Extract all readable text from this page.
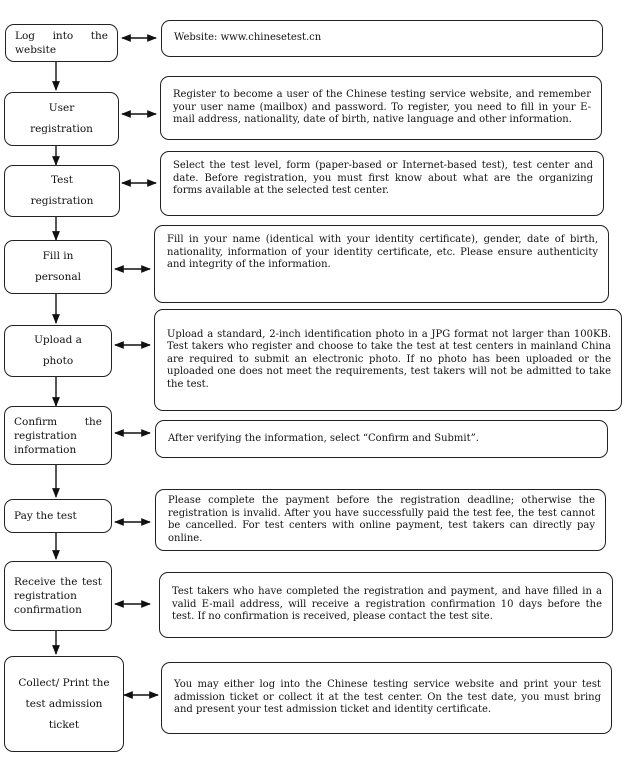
Log into the website
User registration
Test registration
Fill in personal
Upload a photo
Confirm the registration information
Pay the test
Receive the test registration confirmation
Collect/ Print the test admission ticket
Website: www.chinesetest.cn
Register to become a user of the Chinese testing service website, and remember your user name (mailbox) and password. To register, you need to fill in your E-mail address, nationality, date of birth, native language and other information.
Select the test level, form (paper-based or Internet-based test), test center and date. Before registration, you must first know about what are the organizing forms available at the selected test center.
Fill in your name (identical with your identity certificate), gender, date of birth, nationality, information of your identity certificate, etc. Please ensure authenticity and integrity of the information.
Upload a standard, 2-inch identification photo in a JPG format not larger than 100KB. Test takers who register and choose to take the test at test centers in mainland China are required to submit an electronic photo. If no photo has been uploaded or the uploaded one does not meet the requirements, test takers will not be admitted to take the test.
After verifying the information, select “Confirm and Submit”.
Please complete the payment before the registration deadline; otherwise the registration is invalid. After you have successfully paid the test fee, the test cannot be cancelled. For test centers with online payment, test takers can directly pay online.
Test takers who have completed the registration and payment, and have filled in a valid E-mail address, will receive a registration confirmation 10 days before the test. If no confirmation is received, please contact the test site.
You may either log into the Chinese testing service website and print your test admission ticket or collect it at the test center. On the test date, you must bring and present your test admission ticket and identity certificate.
